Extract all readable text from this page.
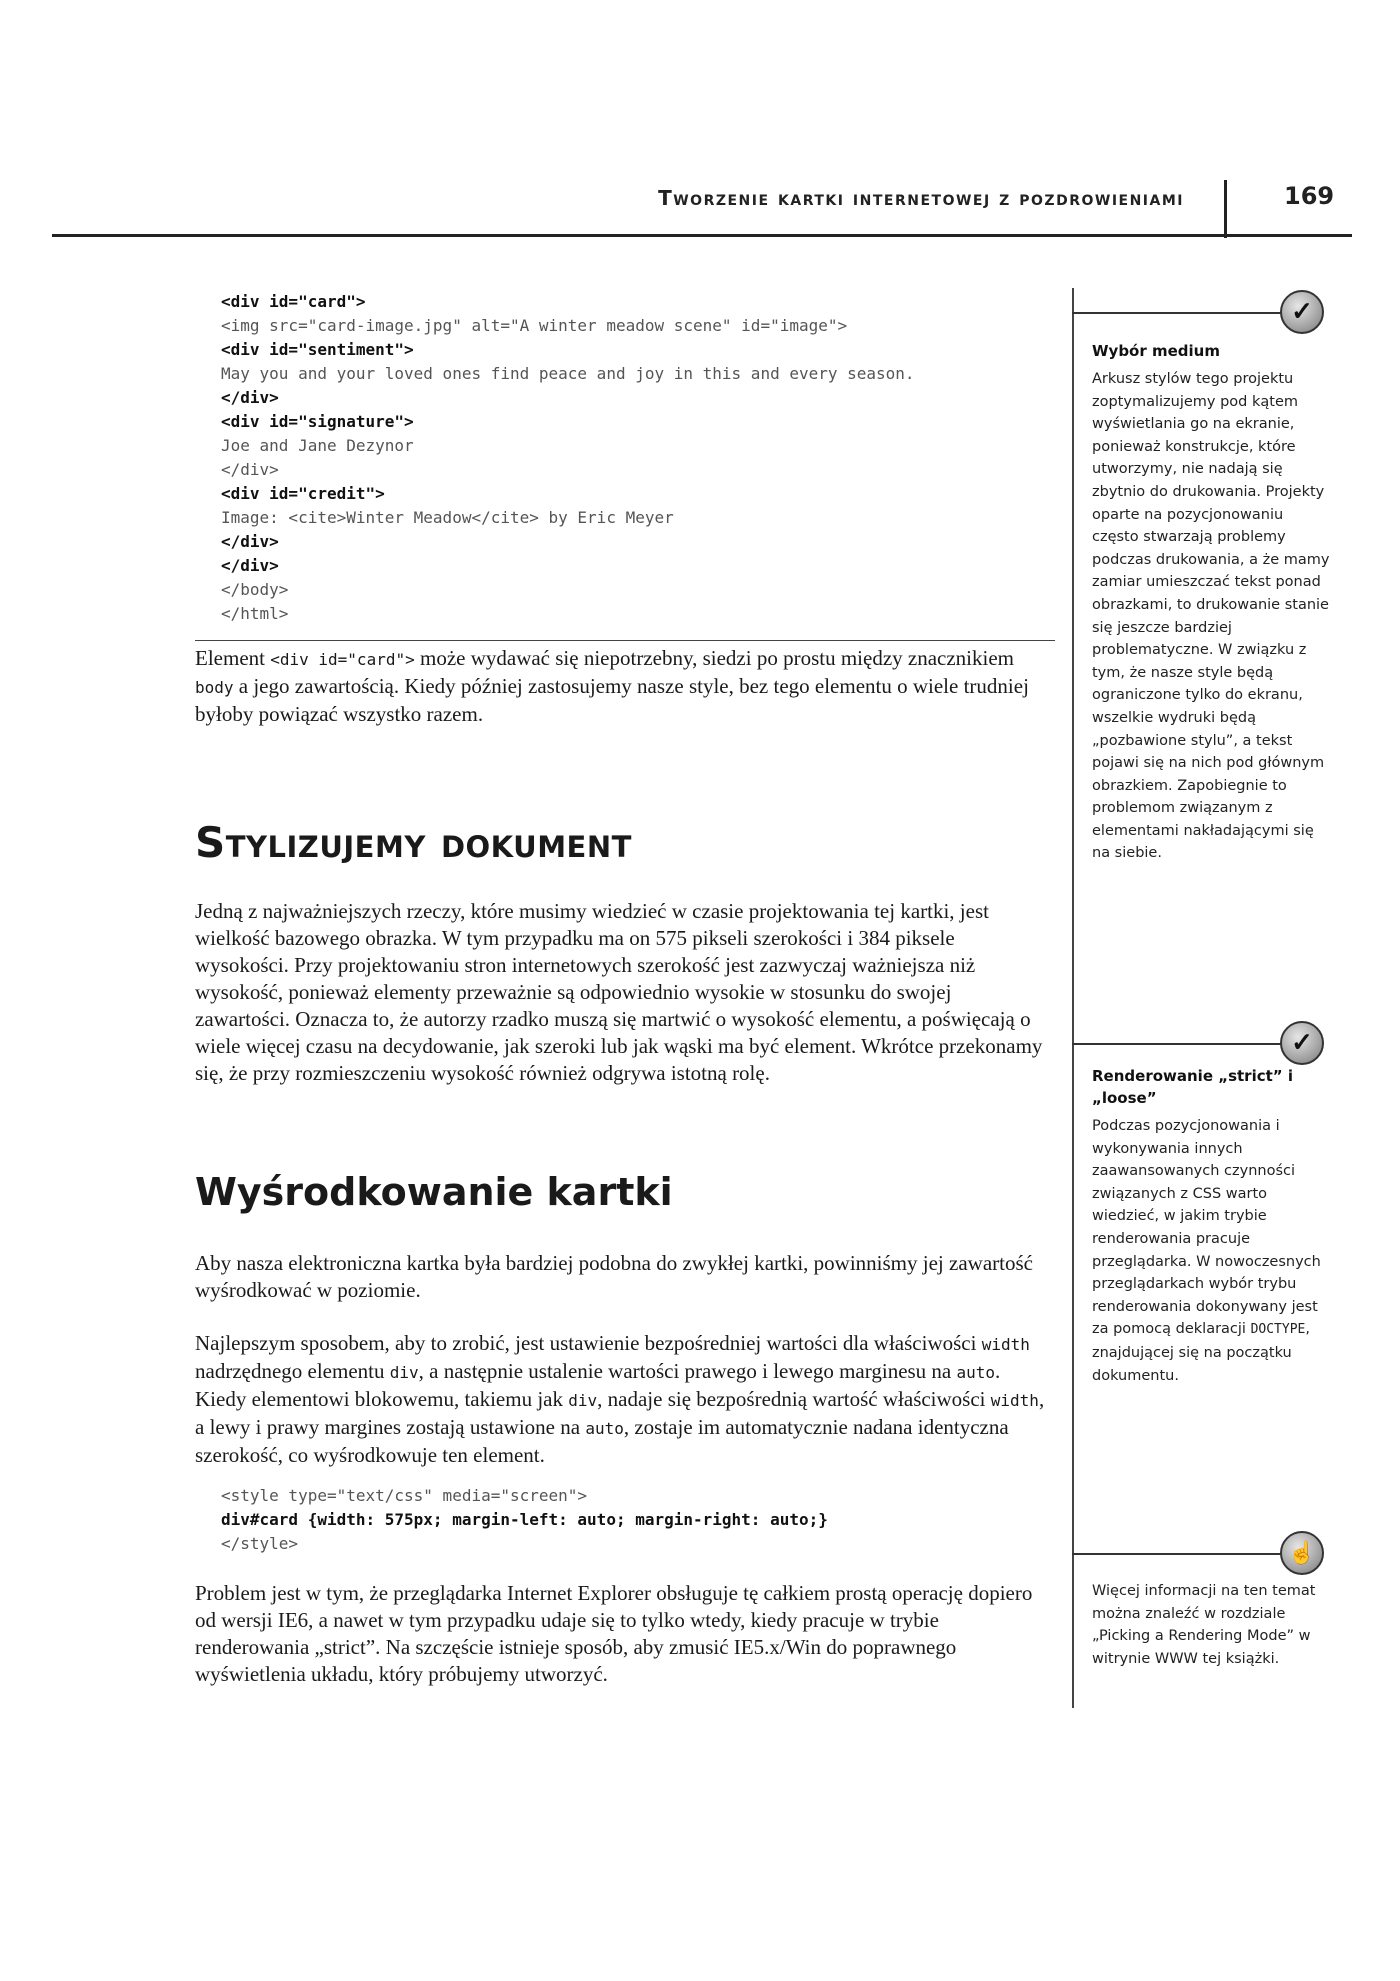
Tworzenie kartki internetowej z pozdrowieniami	169
<div id="card">
<img src="card-image.jpg" alt="A winter meadow scene" id="image">
<div id="sentiment">
May you and your loved ones find peace and joy in this and every season.
</div>
<div id="signature">
Joe and Jane Dezynor
</div>
<div id="credit">
Image: <cite>Winter Meadow</cite> by Eric Meyer
</div>
</div>
</body>
</html>

Element <div id="card"> może wydawać się niepotrzebny, siedzi po prostu między znacznikiem body a jego zawartością. Kiedy później zastosujemy nasze style, bez tego elementu o wiele trudniej byłoby powiązać wszystko razem.

Stylizujemy dokument

Jedną z najważniejszych rzeczy, które musimy wiedzieć w czasie projektowania tej kartki, jest wielkość bazowego obrazka. W tym przypadku ma on 575 pikseli szerokości i 384 piksele wysokości. Przy projektowaniu stron internetowych szerokość jest zazwyczaj ważniejsza niż wysokość, ponieważ elementy przeważnie są odpowiednio wysokie w stosunku do swojej zawartości. Oznacza to, że autorzy rzadko muszą się martwić o wysokość elementu, a poświęcają o wiele więcej czasu na decydowanie, jak szeroki lub jak wąski ma być element. Wkrótce przekonamy się, że przy rozmieszczeniu wysokość również odgrywa istotną rolę.

Wyśrodkowanie kartki

Aby nasza elektroniczna kartka była bardziej podobna do zwykłej kartki, powinniśmy jej zawartość wyśrodkować w poziomie.

Najlepszym sposobem, aby to zrobić, jest ustawienie bezpośredniej wartości dla właściwości width nadrzędnego elementu div, a następnie ustalenie wartości prawego i lewego marginesu na auto. Kiedy elementowi blokowemu, takiemu jak div, nadaje się bezpośrednią wartość właściwości width, a lewy i prawy margines zostają ustawione na auto, zostaje im automatycznie nadana identyczna szerokość, co wyśrodkowuje ten element.

<style type="text/css" media="screen">
div#card {width: 575px; margin-left: auto; margin-right: auto;}
</style>

Problem jest w tym, że przeglądarka Internet Explorer obsługuje tę całkiem prostą operację dopiero od wersji IE6, a nawet w tym przypadku udaje się to tylko wtedy, kiedy pracuje w trybie renderowania „strict”. Na szczęście istnieje sposób, aby zmusić IE5.x/Win do poprawnego wyświetlenia układu, który próbujemy utworzyć.

✓
Wybór medium
Arkusz stylów tego projektu zoptymalizujemy pod kątem wyświetlania go na ekranie, ponieważ konstrukcje, które utworzymy, nie nadają się zbytnio do drukowania. Projekty oparte na pozycjonowaniu często stwarzają problemy podczas drukowania, a że mamy zamiar umieszczać tekst ponad obrazkami, to drukowanie stanie się jeszcze bardziej problematyczne. W związku z tym, że nasze style będą ograniczone tylko do ekranu, wszelkie wydruki będą „pozbawione stylu”, a tekst pojawi się na nich pod głównym obrazkiem. Zapobiegnie to problemom związanym z elementami nakładającymi się na siebie.
✓
Renderowanie „strict” i „loose”
Podczas pozycjonowania i wykonywania innych zaawansowanych czynności związanych z CSS warto wiedzieć, w jakim trybie renderowania pracuje przeglądarka. W nowoczesnych przeglądarkach wybór trybu renderowania dokonywany jest za pomocą deklaracji DOCTYPE, znajdującej się na początku dokumentu.
☝
Więcej informacji na ten temat można znaleźć w rozdziale „Picking a Rendering Mode” w witrynie WWW tej książki.
